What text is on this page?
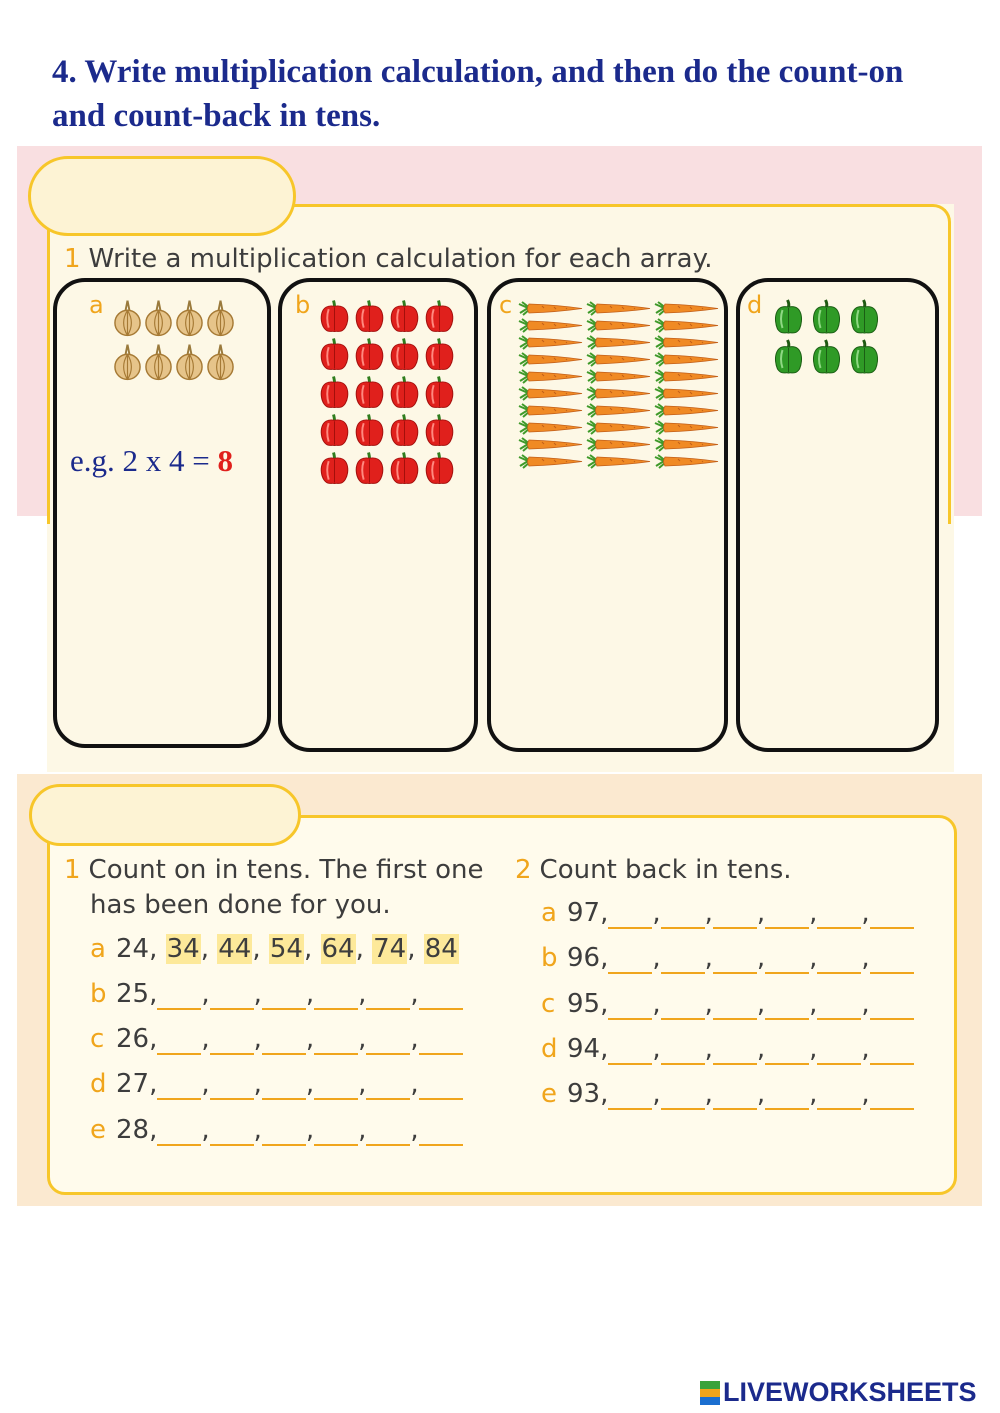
4. Write multiplication calculation, and then do the count-on and count-back in tens.
1 Write a multiplication calculation for each array.
a	b	c	d
e.g. 2 x 4 = 8
1 Count on in tens. The first one
has been done for you.
2 Count back in tens.
a 24, 34, 44, 54, 64, 74, 84
b 25, , , , , ,
c 26, , , , , ,
d 27, , , , , ,
e 28, , , , , ,
a 97, , , , , ,
b 96, , , , , ,
c 95, , , , , ,
d 94, , , , , ,
e 93, , , , , ,
LIVEWORKSHEETS
